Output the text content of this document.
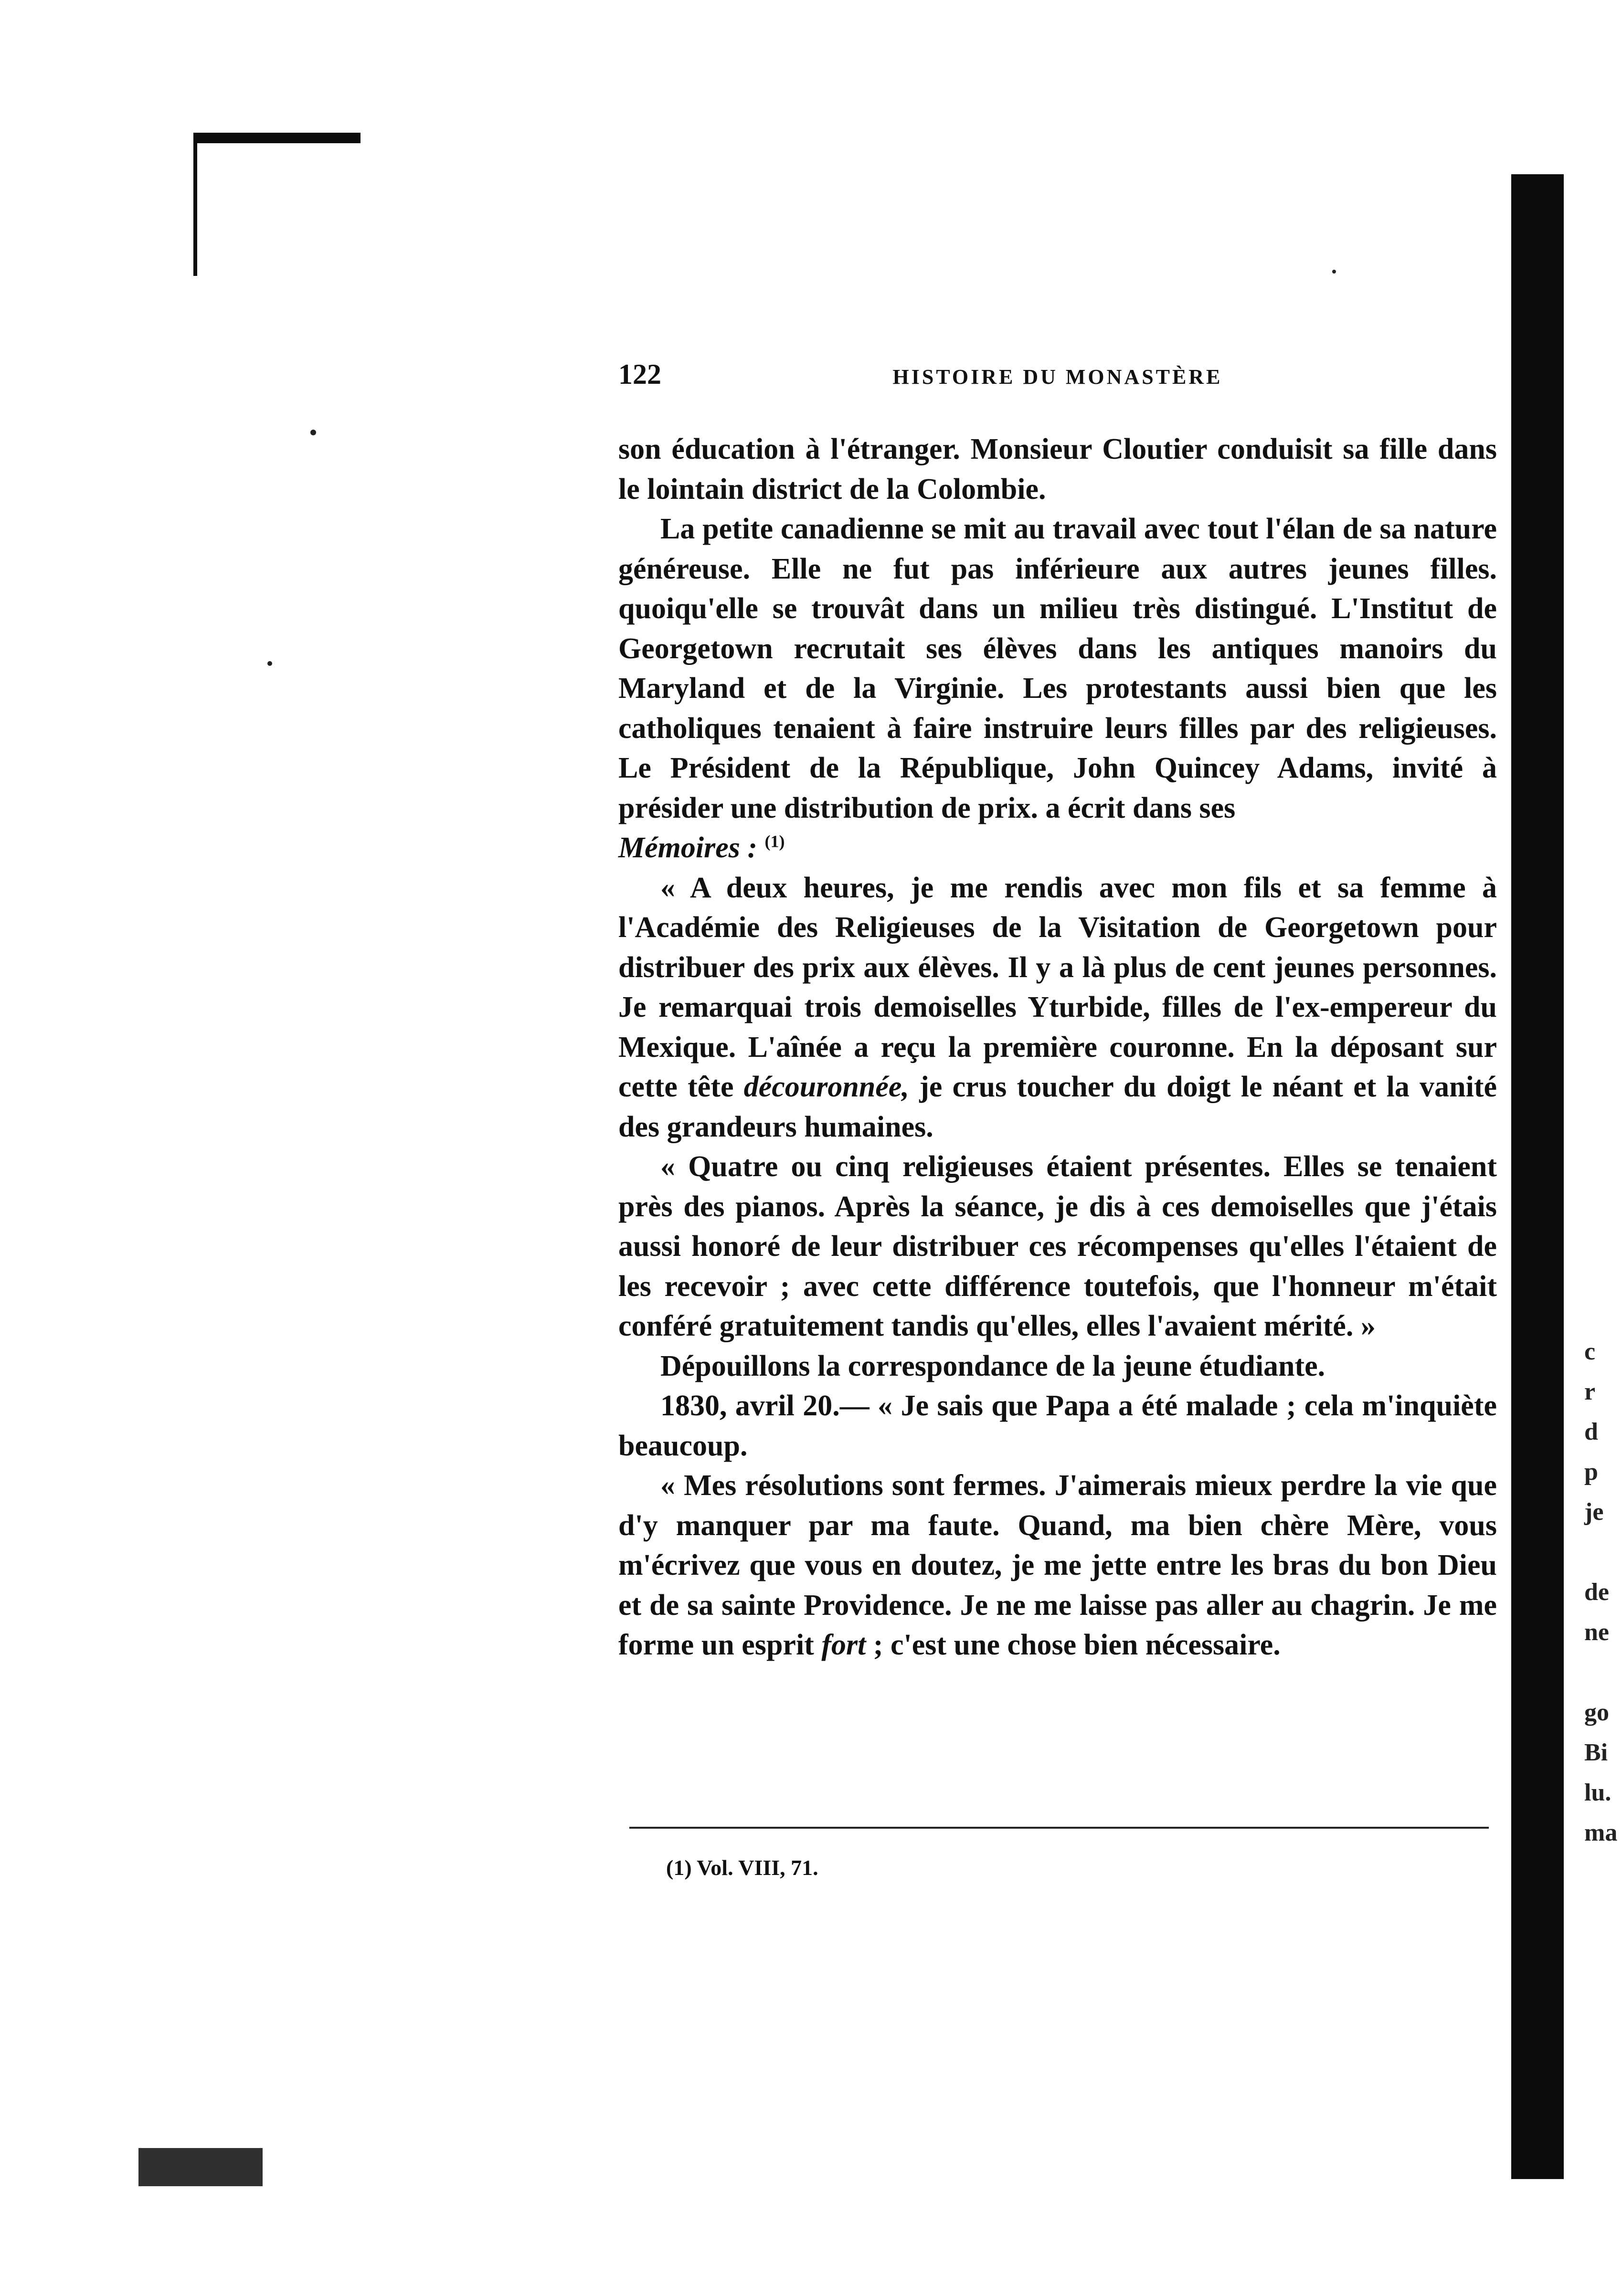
122	HISTOIRE DU MONASTÈRE

son éducation à l'étranger. Monsieur Cloutier conduisit sa fille dans le lointain district de la Colombie.

La petite canadienne se mit au travail avec tout l'élan de sa nature généreuse. Elle ne fut pas inférieure aux autres jeunes filles. quoiqu'elle se trouvât dans un milieu très distingué. L'Institut de Georgetown recrutait ses élèves dans les antiques manoirs du Maryland et de la Virginie. Les protestants aussi bien que les catholiques tenaient à faire instruire leurs filles par des religieuses. Le Président de la République, John Quincey Adams, invité à présider une distribution de prix. a écrit dans ses
Mémoires : $^{(1)}$

« A deux heures, je me rendis avec mon fils et sa femme à l'Académie des Religieuses de la Visitation de Georgetown pour distribuer des prix aux élèves. Il y a là plus de cent jeunes personnes. Je remarquai trois demoiselles Yturbide, filles de l'ex-empereur du Mexique. L'aînée a reçu la première couronne. En la déposant sur cette tête découronnée, je crus toucher du doigt le néant et la vanité des grandeurs humaines.

« Quatre ou cinq religieuses étaient présentes. Elles se tenaient près des pianos. Après la séance, je dis à ces demoiselles que j'étais aussi honoré de leur distribuer ces récompenses qu'elles l'étaient de les recevoir ; avec cette différence toutefois, que l'honneur m'était conféré gratuitement tandis qu'elles, elles l'avaient mérité. »

Dépouillons la correspondance de la jeune étudiante.

1830, avril 20.— « Je sais que Papa a été malade ; cela m'inquiète beaucoup.

« Mes résolutions sont fermes. J'aimerais mieux perdre la vie que d'y manquer par ma faute. Quand, ma bien chère Mère, vous m'écrivez que vous en doutez, je me jette entre les bras du bon Dieu et de sa sainte Providence. Je ne me laisse pas aller au chagrin. Je me forme un esprit fort ; c'est une chose bien nécessaire.

(1) Vol. VIII, 71.
c
r
d
p
je
de
ne
go
Bi
lu.
ma
